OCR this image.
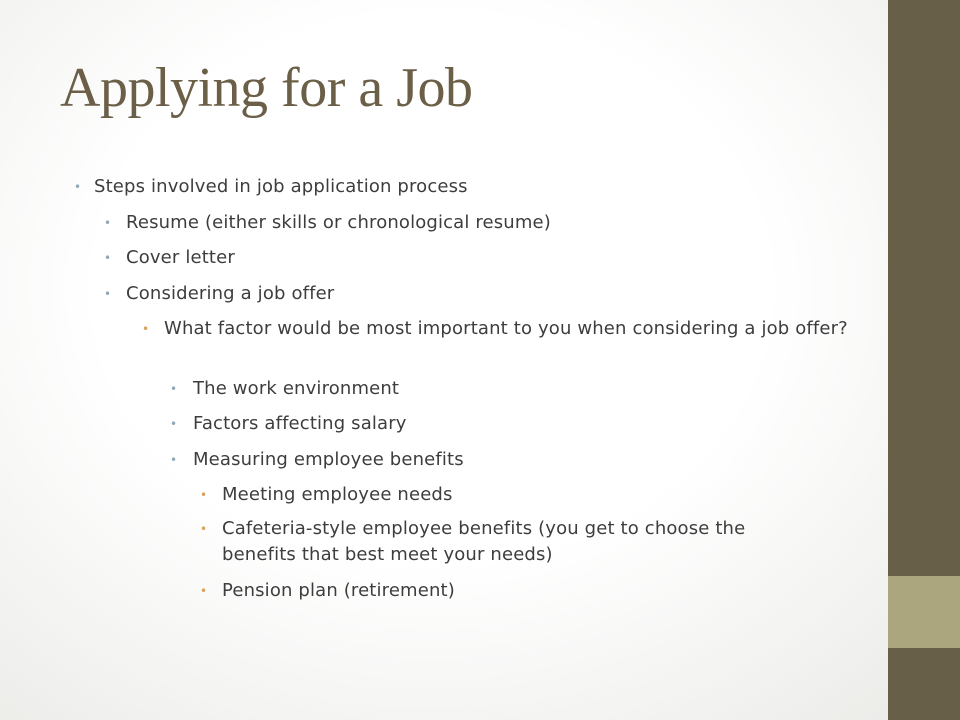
Applying for a Job
• Steps involved in job application process
• Resume (either skills or chronological resume)
• Cover letter
• Considering a job offer
• What factor would be most important to you when considering a job offer?
• The work environment
• Factors affecting salary
• Measuring employee benefits
• Meeting employee needs
• Cafeteria-style employee benefits (you get to choose the benefits that best meet your needs)
• Pension plan (retirement)
